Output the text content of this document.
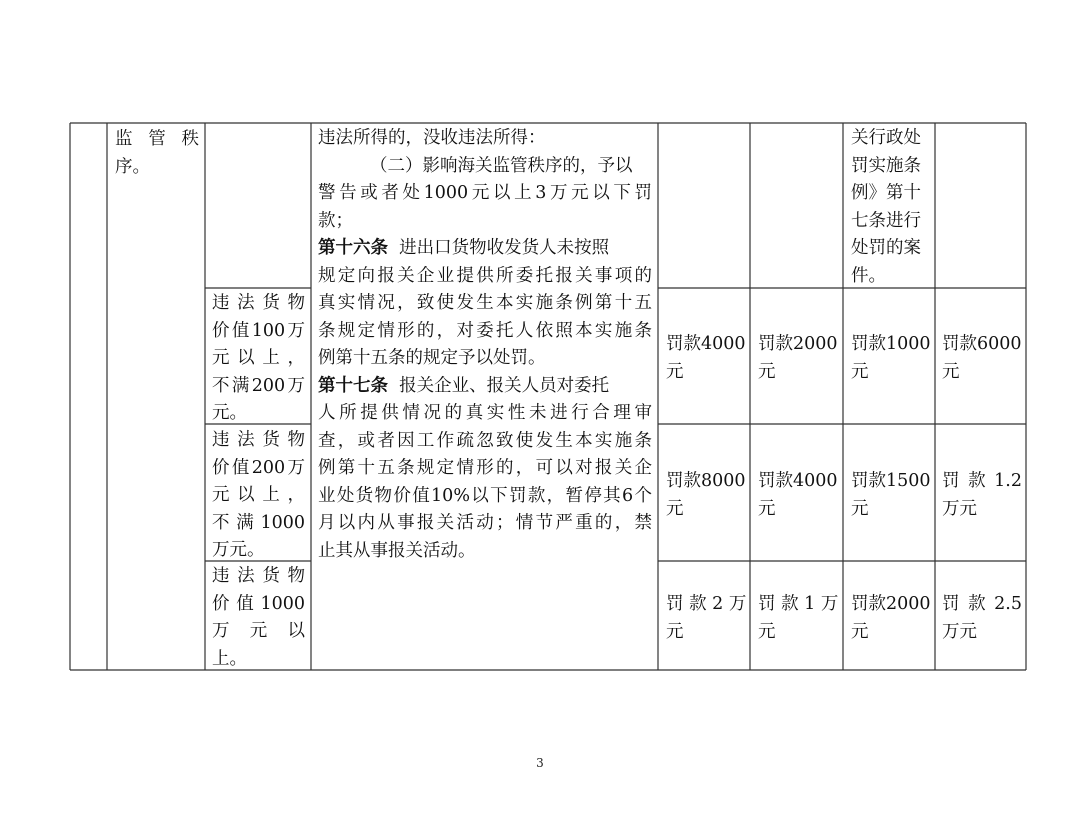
监 管 秩
序。
违法所得的，没收违法所得：
（二）影响海关监管秩序的，予以
警告或者处1000元以上3万元以下罚
款；
第十六条 进出口货物收发货人未按照
规定向报关企业提供所委托报关事项的
真实情况，致使发生本实施条例第十五
条规定情形的，对委托人依照本实施条
例第十五条的规定予以处罚。
第十七条 报关企业、报关人员对委托
人所提供情况的真实性未进行合理审
查，或者因工作疏忽致使发生本实施条
例第十五条规定情形的，可以对报关企
业处货物价值10%以下罚款，暂停其6个
月以内从事报关活动；情节严重的，禁
止其从事报关活动。
关行政处
罚实施条
例》第十
七条进行
处罚的案
件。
违 法 货 物
价值100万
元 以 上 ，
不满200万
元。
罚款4000
元
罚款2000
元
罚款1000
元
罚款6000
元
违 法 货 物
价值200万
元 以 上 ，
不 满 1000
万元。
罚款8000
元
罚款4000
元
罚款1500
元
罚 款 1.2
万元
违 法 货 物
价 值 1000
万 元 以
上。
罚 款 2 万
元
罚 款 1 万
元
罚款2000
元
罚 款 2.5
万元
3
